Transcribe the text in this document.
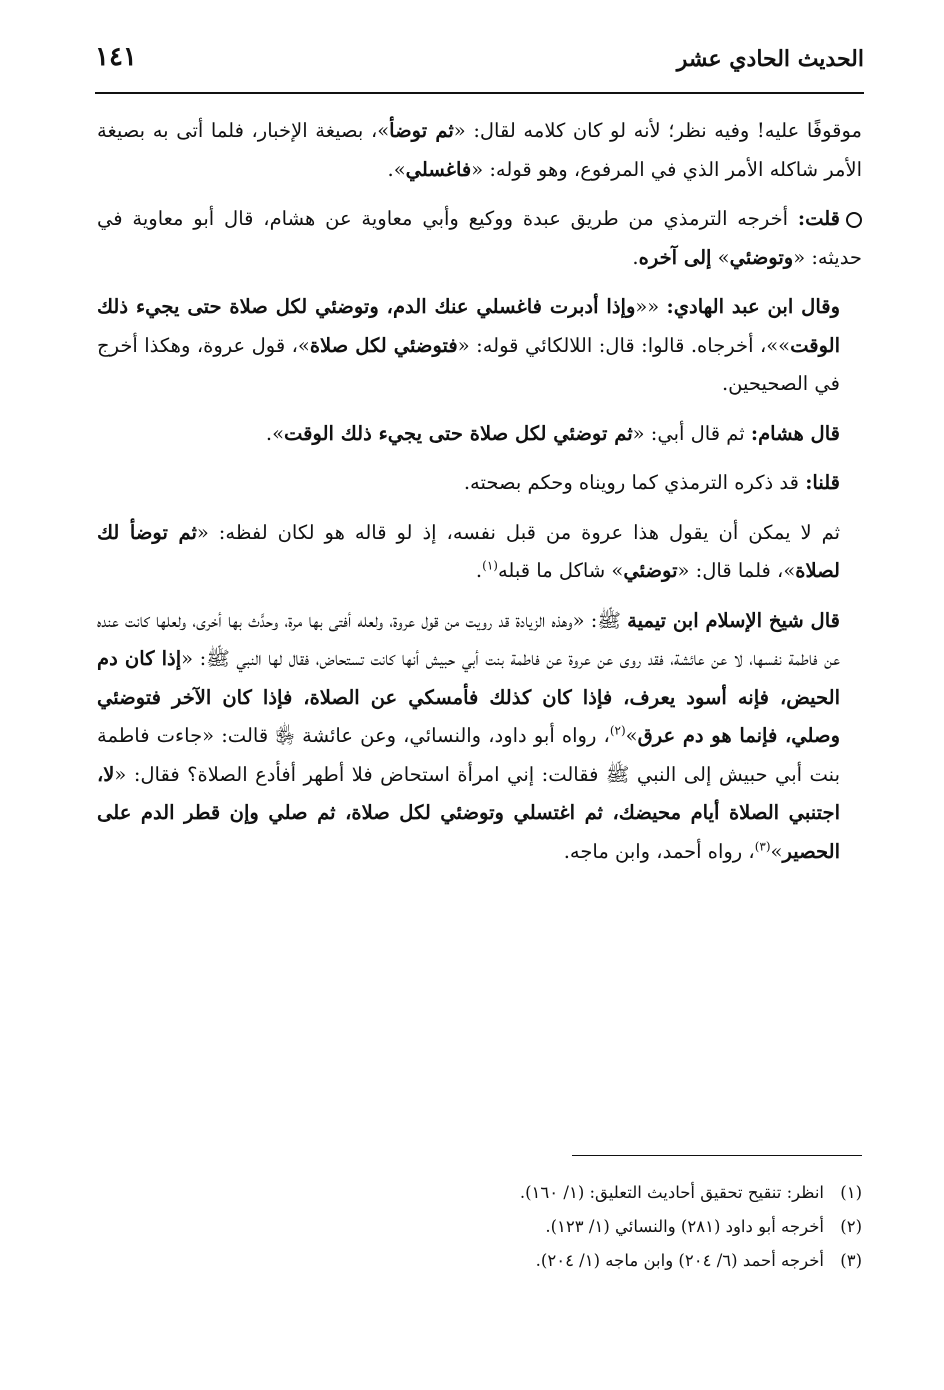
الحديث الحادي عشر
١٤١

موقوفًا عليه! وفيه نظر؛ لأنه لو كان كلامه لقال: «ثم توضأ»، بصيغة الإخبار، فلما أتى به بصيغة الأمر شاكله الأمر الذي في المرفوع، وهو قوله: «فاغسلي».

قلت: أخرجه الترمذي من طريق عبدة ووكيع وأبي معاوية عن هشام، قال أبو معاوية في حديثه: «وتوضئي» إلى آخره.

وقال ابن عبد الهادي: ««وإذا أدبرت فاغسلي عنك الدم، وتوضئي لكل صلاة حتى يجيء ذلك الوقت»»، أخرجاه. قالوا: قال: اللالكائي قوله: «فتوضئي لكل صلاة»، قول عروة، وهكذا أخرج في الصحيحين.

قال هشام: ثم قال أبي: «ثم توضئي لكل صلاة حتى يجيء ذلك الوقت».

قلنا: قد ذكره الترمذي كما رويناه وحكم بصحته.

ثم لا يمكن أن يقول هذا عروة من قبل نفسه، إذ لو قاله هو لكان لفظه: «ثم توضأ لك لصلاة»، فلما قال: «توضئي» شاكل ما قبله$^{(١)}$.

قال شيخ الإسلام ابن تيمية ﷺ: «وهذه الزيادة قد رويت من قول عروة، ولعله أفتى بها مرة، وحدَّث بها أخرى، ولعلها كانت عنده عن فاطمة نفسها، لا عن عائشة، فقد روى عن عروة عن فاطمة بنت أبي حبيش أنها كانت تستحاض، فقال لها النبي ﷺ: «إذا كان دم الحيض، فإنه أسود يعرف، فإذا كان كذلك فأمسكي عن الصلاة، فإذا كان الآخر فتوضئي وصلي، فإنما هو دم عرق»$^{(٢)}$، رواه أبو داود، والنسائي، وعن عائشة ﵂ قالت: «جاءت فاطمة بنت أبي حبيش إلى النبي ﷺ فقالت: إني امرأة استحاض فلا أطهر أفأدع الصلاة؟ فقال: «لا، اجتنبي الصلاة أيام محيضك، ثم اغتسلي وتوضئي لكل صلاة، ثم صلي وإن قطر الدم على الحصير»$^{(٣)}$، رواه أحمد، وابن ماجه.

(١)انظر: تنقيح تحقيق أحاديث التعليق: (١/ ١٦٠).
(٢)أخرجه أبو داود (٢٨١) والنسائي (١/ ١٢٣).
(٣)أخرجه أحمد (٦/ ٢٠٤) وابن ماجه (١/ ٢٠٤).
